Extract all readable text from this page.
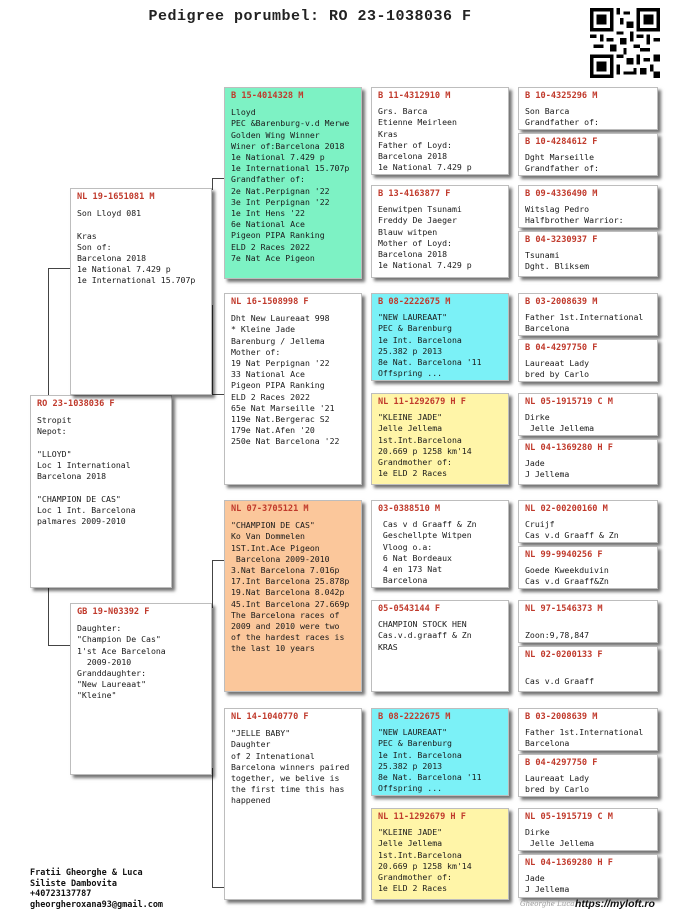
Pedigree porumbel: RO 23-1038036 F
RO 23-1038036 F
Stropit
Nepot:

"LLOYD"
Loc 1 International
Barcelona 2018

"CHAMPION DE CAS"
Loc 1 Int. Barcelona
palmares 2009-2010
NL 19-1651081 M
Son Lloyd 081

Kras
Son of:
Barcelona 2018
1e National 7.429 p
1e International 15.707p
GB 19-N03392 F
Daughter:
"Champion De Cas"
1'st Ace Barcelona
2009-2010
Granddaughter:
"New Laureaat"
"Kleine"
B 15-4014328 M
Lloyd
PEC &Barenburg-v.d Merwe
Golden Wing Winner
Winer of:Barcelona 2018
1e National 7.429 p
1e International 15.707p
Grandfather of:
2e Nat.Perpignan '22
3e Int Perpignan '22
1e Int Hens '22
6e National Ace
Pigeon PIPA Ranking
ELD 2 Races 2022
7e Nat Ace Pigeon
NL 16-1508998 F
Dht New Laureaat 998
* Kleine Jade
Barenburg / Jellema
Mother of:
19 Nat Perpignan '22
33 National Ace
Pigeon PIPA Ranking
ELD 2 Races 2022
65e Nat Marseille '21
119e Nat.Bergerac S2
179e Nat.Afen '20
250e Nat Barcelona '22
NL 07-3705121 M
"CHAMPION DE CAS"
Ko Van Dommelen
1ST.Int.Ace Pigeon
Barcelona 2009-2010
3.Nat Barcelona 7.016p
17.Int Barcelona 25.878p
19.Nat Barcelona 8.042p
45.Int Barcelona 27.669p
The Barcelona races of
2009 and 2010 were two
of the hardest races is
the last 10 years
NL 14-1040770 F
"JELLE BABY"
Daughter
of 2 Intenational
Barcelona winners paired
together, we belive is
the first time this has
happened
B 11-4312910 M
Grs. Barca
Etienne Meirleen
Kras
Father of Loyd:
Barcelona 2018
1e National 7.429 p
B 13-4163877 F
Eenwitpen Tsunami
Freddy De Jaeger
Blauw witpen
Mother of Loyd:
Barcelona 2018
1e National 7.429 p
B 08-2222675 M
"NEW LAUREAAT"
PEC & Barenburg
1e Int. Barcelona
25.382 p 2013
8e Nat. Barcelona '11
Offspring ...
NL 11-1292679 H F
"KLEINE JADE"
Jelle Jellema
1st.Int.Barcelona
20.669 p 1258 km'14
Grandmother of:
1e ELD 2 Races
03-0388510 M
Cas v d Graaff & Zn
Geschellpte Witpen
Vloog o.a:
6 Nat Bordeaux
4 en 173 Nat
Barcelona
05-0543144 F
CHAMPION STOCK HEN
Cas.v.d.graaff & Zn
KRAS
B 08-2222675 M
"NEW LAUREAAT"
PEC & Barenburg
1e Int. Barcelona
25.382 p 2013
8e Nat. Barcelona '11
Offspring ...
NL 11-1292679 H F
"KLEINE JADE"
Jelle Jellema
1st.Int.Barcelona
20.669 p 1258 km'14
Grandmother of:
1e ELD 2 Races
B 10-4325296 M
Son Barca
Grandfather of:
B 10-4284612 F
Dght Marseille
Grandfather of:
B 09-4336490 M
Witslag Pedro
Halfbrother Warrior:
B 04-3230937 F
Tsunami
Dght. Bliksem
B 03-2008639 M
Father 1st.International
Barcelona
B 04-4297750 F
Laureaat Lady
bred by Carlo
NL 05-1915719 C M
Dirke
Jelle Jellema
NL 04-1369280 H F
Jade
J Jellema
NL 02-00200160 M
Cruijf
Cas v.d Graaff & Zn
NL 99-9940256 F
Goede Kweekduivin
Cas v.d Graaff&Zn
NL 97-1546373 M

Zoon:9,78,847
NL 02-0200133 F

Cas v.d Graaff
B 03-2008639 M
Father 1st.International
Barcelona
B 04-4297750 F
Laureaat Lady
bred by Carlo
NL 05-1915719 C M
Dirke
Jelle Jellema
NL 04-1369280 H F
Jade
J Jellema
Fratii Gheorghe & Luca
Siliste Dambovita
+40723137787
gheorgheroxana93@gmail.com	Gheorghe Luca https://myloft.ro
